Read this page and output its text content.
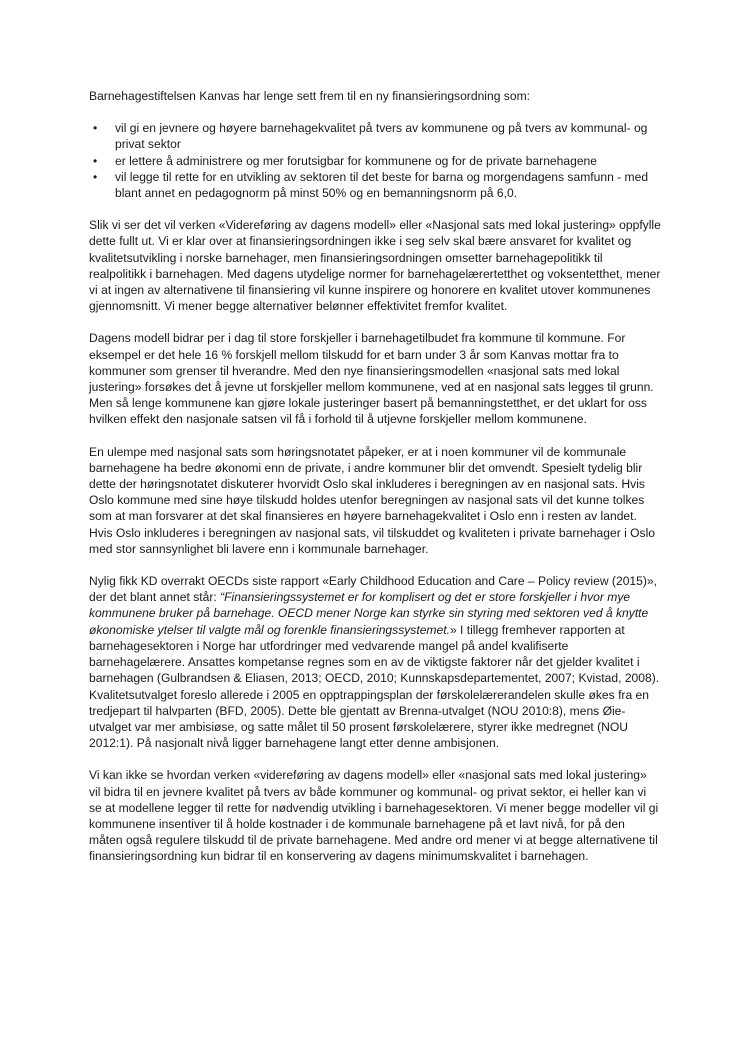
Barnehagestiftelsen Kanvas har lenge sett frem til en ny finansieringsordning som:

• vil gi en jevnere og høyere barnehagekvalitet på tvers av kommunene og på tvers av kommunal- og privat sektor
• er lettere å administrere og mer forutsigbar for kommunene og for de private barnehagene
• vil legge til rette for en utvikling av sektoren til det beste for barna og morgendagens samfunn - med blant annet en pedagognorm på minst 50% og en bemanningsnorm på 6,0.

Slik vi ser det vil verken «Videreføring av dagens modell» eller «Nasjonal sats med lokal justering» oppfylle dette fullt ut. Vi er klar over at finansieringsordningen ikke i seg selv skal bære ansvaret for kvalitet og kvalitetsutvikling i norske barnehager, men finansieringsordningen omsetter barnehagepolitikk til realpolitikk i barnehagen. Med dagens utydelige normer for barnehagelærertetthet og voksentetthet, mener vi at ingen av alternativene til finansiering vil kunne inspirere og honorere en kvalitet utover kommunenes gjennomsnitt. Vi mener begge alternativer belønner effektivitet fremfor kvalitet.

Dagens modell bidrar per i dag til store forskjeller i barnehagetilbudet fra kommune til kommune. For eksempel er det hele 16 % forskjell mellom tilskudd for et barn under 3 år som Kanvas mottar fra to kommuner som grenser til hverandre. Med den nye finansieringsmodellen «nasjonal sats med lokal justering» forsøkes det å jevne ut forskjeller mellom kommunene, ved at en nasjonal sats legges til grunn. Men så lenge kommunene kan gjøre lokale justeringer basert på bemanningstetthet, er det uklart for oss hvilken effekt den nasjonale satsen vil få i forhold til å utjevne forskjeller mellom kommunene.

En ulempe med nasjonal sats som høringsnotatet påpeker, er at i noen kommuner vil de kommunale barnehagene ha bedre økonomi enn de private, i andre kommuner blir det omvendt. Spesielt tydelig blir dette der høringsnotatet diskuterer hvorvidt Oslo skal inkluderes i beregningen av en nasjonal sats. Hvis Oslo kommune med sine høye tilskudd holdes utenfor beregningen av nasjonal sats vil det kunne tolkes som at man forsvarer at det skal finansieres en høyere barnehagekvalitet i Oslo enn i resten av landet. Hvis Oslo inkluderes i beregningen av nasjonal sats, vil tilskuddet og kvaliteten i private barnehager i Oslo med stor sannsynlighet bli lavere enn i kommunale barnehager.

Nylig fikk KD overrakt OECDs siste rapport «Early Childhood Education and Care – Policy review (2015)», der det blant annet står: “Finansieringssystemet er for komplisert og det er store forskjeller i hvor mye kommunene bruker på barnehage. OECD mener Norge kan styrke sin styring med sektoren ved å knytte økonomiske ytelser til valgte mål og forenkle finansieringssystemet.» I tillegg fremhever rapporten at barnehagesektoren i Norge har utfordringer med vedvarende mangel på andel kvalifiserte barnehagelærere. Ansattes kompetanse regnes som en av de viktigste faktorer når det gjelder kvalitet i barnehagen (Gulbrandsen & Eliasen, 2013; OECD, 2010; Kunnskapsdepartementet, 2007; Kvistad, 2008). Kvalitetsutvalget foreslo allerede i 2005 en opptrappingsplan der førskolelærerandelen skulle økes fra en tredjepart til halvparten (BFD, 2005). Dette ble gjentatt av Brenna-utvalget (NOU 2010:8), mens Øie-utvalget var mer ambisiøse, og satte målet til 50 prosent førskolelærere, styrer ikke medregnet (NOU 2012:1). På nasjonalt nivå ligger barnehagene langt etter denne ambisjonen.

Vi kan ikke se hvordan verken «videreføring av dagens modell» eller «nasjonal sats med lokal justering» vil bidra til en jevnere kvalitet på tvers av både kommuner og kommunal- og privat sektor, ei heller kan vi se at modellene legger til rette for nødvendig utvikling i barnehagesektoren. Vi mener begge modeller vil gi kommunene insentiver til å holde kostnader i de kommunale barnehagene på et lavt nivå, for på den måten også regulere tilskudd til de private barnehagene. Med andre ord mener vi at begge alternativene til finansieringsordning kun bidrar til en konservering av dagens minimumskvalitet i barnehagen.
